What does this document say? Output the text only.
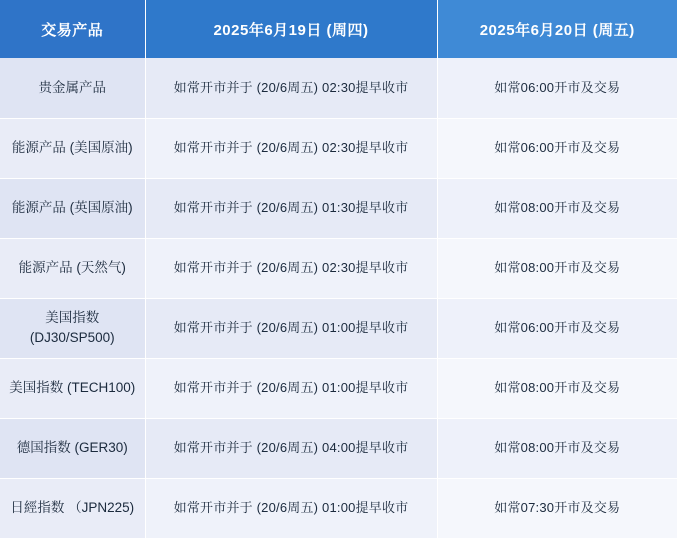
交易产品	2025年6月19日 (周四)	2025年6月20日 (周五)
贵金属产品	如常开市并于 (20/6周五) 02:30提早收市	如常06:00开市及交易
能源产品 (美国原油)	如常开市并于 (20/6周五) 02:30提早收市	如常06:00开市及交易
能源产品 (英国原油)	如常开市并于 (20/6周五) 01:30提早收市	如常08:00开市及交易
能源产品 (天然气)	如常开市并于 (20/6周五) 02:30提早收市	如常08:00开市及交易
美国指数 (DJ30/SP500)	如常开市并于 (20/6周五) 01:00提早收市	如常06:00开市及交易
美国指数 (TECH100)	如常开市并于 (20/6周五) 01:00提早收市	如常08:00开市及交易
德国指数 (GER30)	如常开市并于 (20/6周五) 04:00提早收市	如常08:00开市及交易
日經指数 （JPN225)	如常开市并于 (20/6周五) 01:00提早收市	如常07:30开市及交易
